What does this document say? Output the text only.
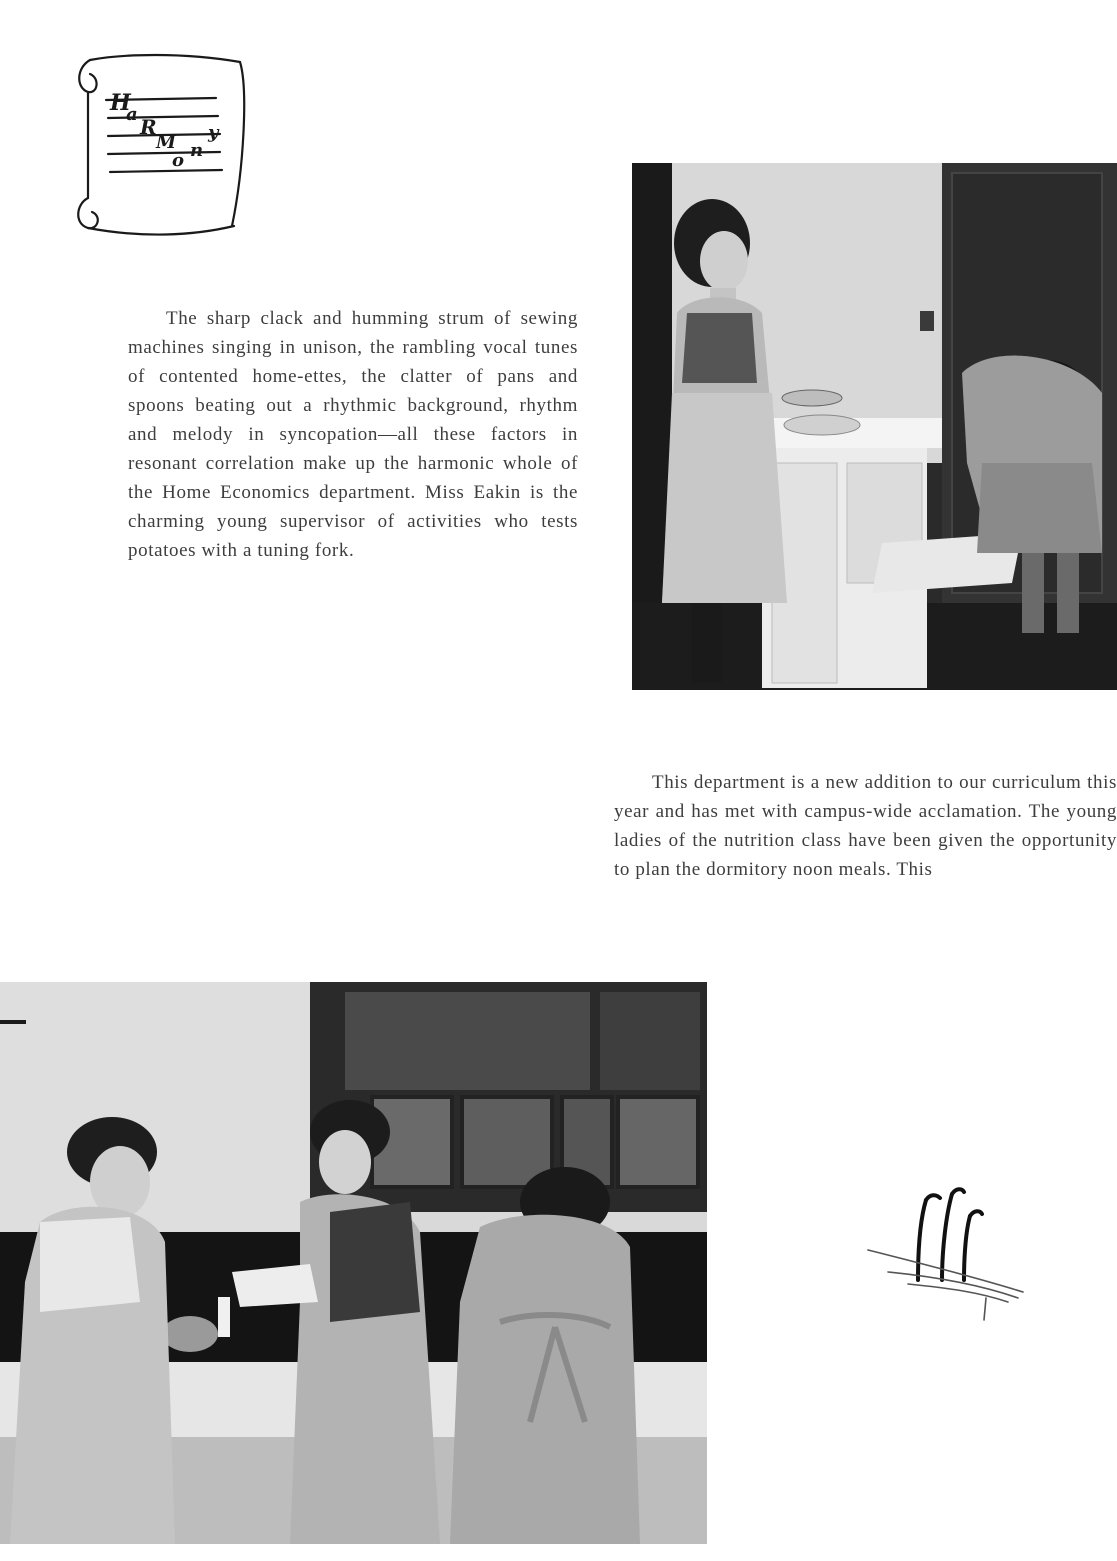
H
a
R
M
o n
y
The sharp clack and humming strum of sewing machines singing in unison, the rambling vocal tunes of contented home-ettes, the clatter of pans and spoons beating out a rhythmic background, rhythm and melody in syncopation—all these factors in resonant correlation make up the harmonic whole of the Home Economics department. Miss Eakin is the charming young supervisor of activities who tests potatoes with a tuning fork.
This department is a new addition to our curriculum this year and has met with campus-wide acclamation. The young ladies of the nutrition class have been given the opportunity to plan the dormitory noon meals. This
